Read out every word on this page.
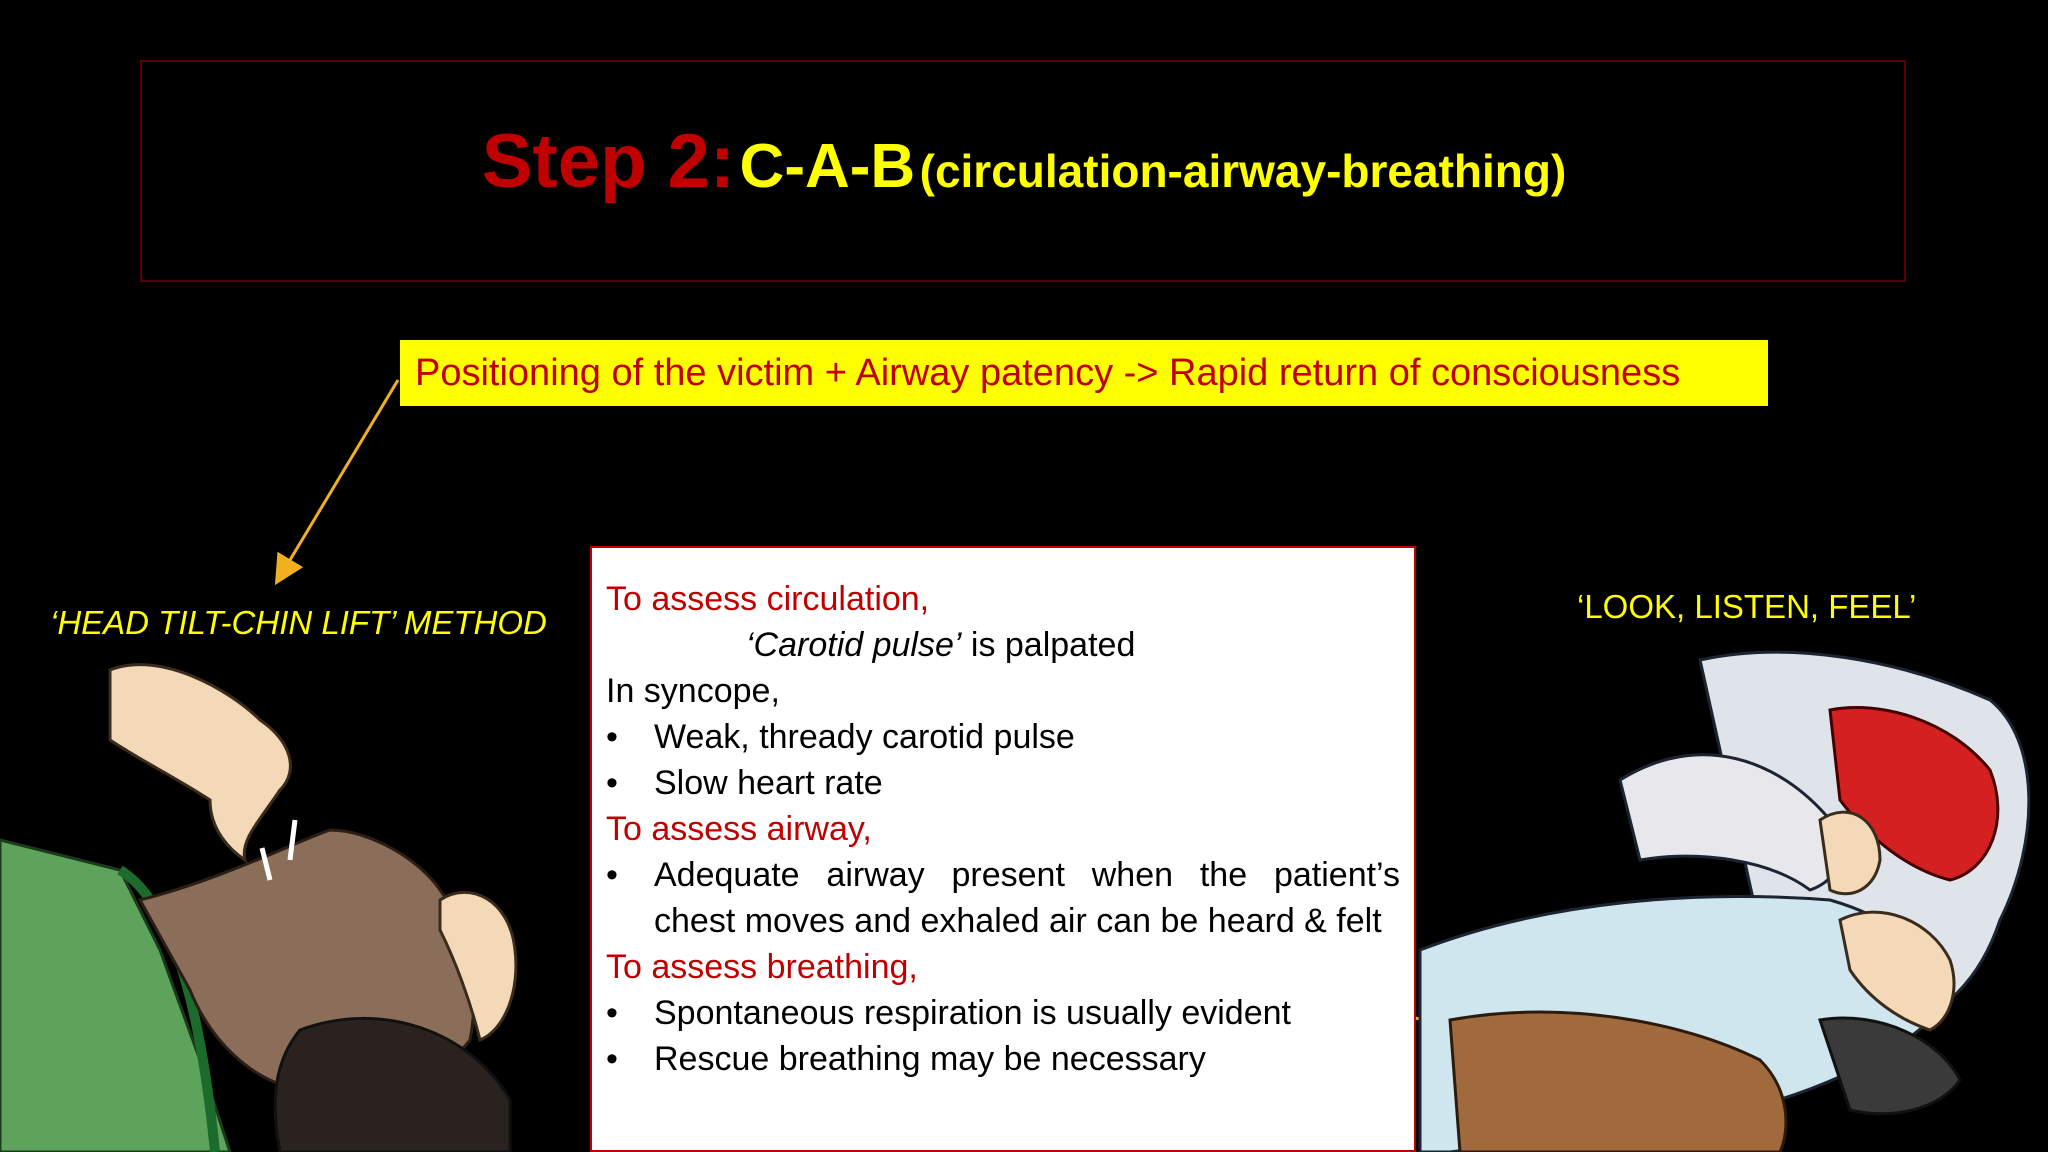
Step 2: C-A-B (circulation-airway-breathing)
Positioning of the victim + Airway patency -> Rapid return of consciousness
‘HEAD TILT-CHIN LIFT’ METHOD	‘LOOK, LISTEN, FEEL’
To assess circulation,
‘Carotid pulse’ is palpated
In syncope,
• Weak, thready carotid pulse
• Slow heart rate
To assess airway,
• Adequate airway present when the patient’s chest moves and exhaled air can be heard & felt
To assess breathing,
• Spontaneous respiration is usually evident
• Rescue breathing may be necessary
